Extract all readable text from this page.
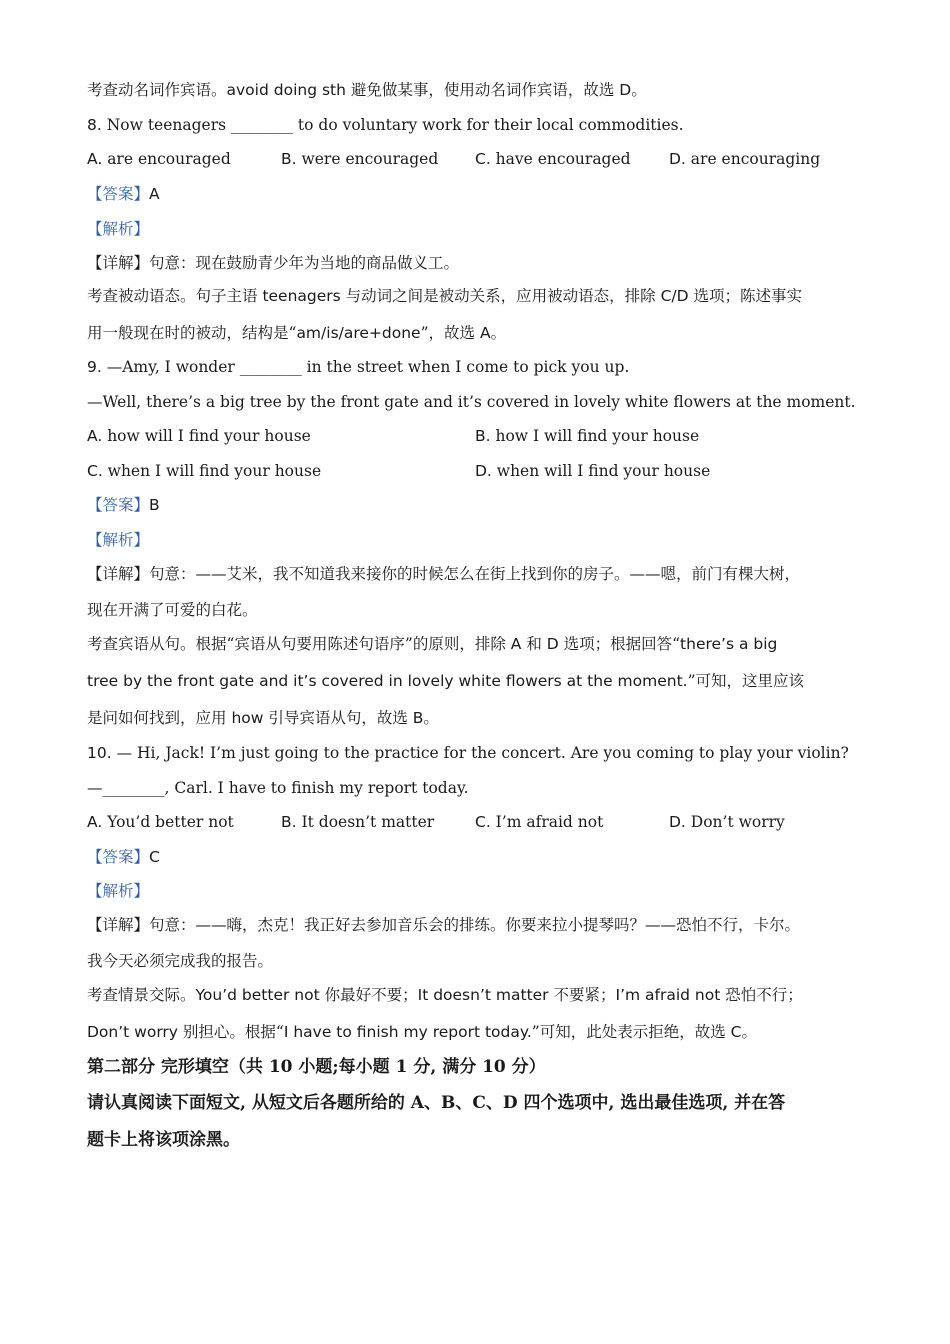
考查动名词作宾语。avoid doing sth 避免做某事，使用动名词作宾语，故选 D。
8. Now teenagers ________ to do voluntary work for their local commodities.
A. are encouraged	B. were encouraged C. have encouraged D. are encouraging
【答案】A
【解析】
【详解】句意：现在鼓励青少年为当地的商品做义工。
考查被动语态。句子主语 teenagers 与动词之间是被动关系，应用被动语态，排除 C/D 选项；陈述事实
用一般现在时的被动，结构是“am/is/are+done”，故选 A。
9. —Amy, I wonder ________ in the street when I come to pick you up.
—Well, there’s a big tree by the front gate and it’s covered in lovely white flowers at the moment.
A. how will I find your house	B. how I will find your house
C. when I will find your house	D. when will I find your house
【答案】B
【解析】
【详解】句意：——艾米，我不知道我来接你的时候怎么在街上找到你的房子。——嗯，前门有棵大树，
现在开满了可爱的白花。
考查宾语从句。根据“宾语从句要用陈述句语序”的原则，排除 A 和 D 选项；根据回答“there’s a big
tree by the front gate and it’s covered in lovely white flowers at the moment.”可知，这里应该
是问如何找到，应用 how 引导宾语从句，故选 B。
10. — Hi, Jack! I’m just going to the practice for the concert. Are you coming to play your violin?
—________, Carl. I have to finish my report today.
A. You’d better not	B. It doesn’t matter	C. I’m afraid not	D. Don’t worry
【答案】C
【解析】
【详解】句意：——嗨，杰克！我正好去参加音乐会的排练。你要来拉小提琴吗？——恐怕不行，卡尔。
我今天必须完成我的报告。
考查情景交际。You’d better not 你最好不要；It doesn’t matter 不要紧；I’m afraid not 恐怕不行；
Don’t worry 别担心。根据“I have to finish my report today.”可知，此处表示拒绝，故选 C。
第二部分 完形填空（共 10 小题;每小题 1 分, 满分 10 分）
请认真阅读下面短文, 从短文后各题所给的 A、B、C、D 四个选项中, 选出最佳选项, 并在答
题卡上将该项涂黑。
